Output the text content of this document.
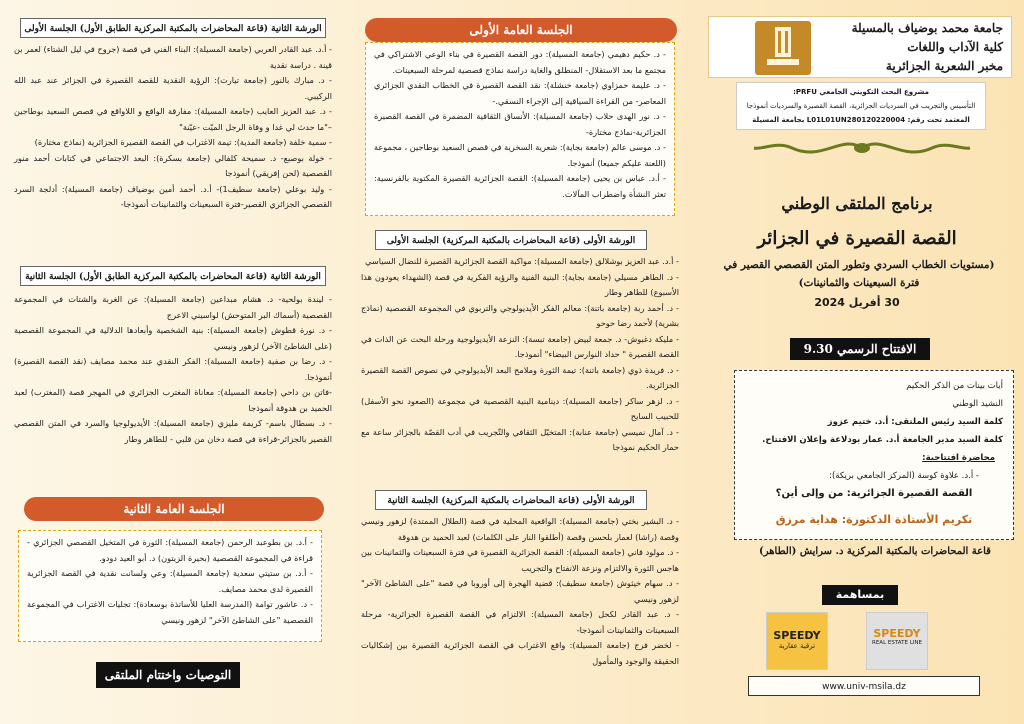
الورشة الثانية (قاعة المحاضرات بالمكتبة المركزية الطابق الأول) الجلسة الأولى

- أ.د. عبد القادر العربي (جامعة المسيلة): البناء الفني في قصة (جروح في ليل الشتاء) لعمر بن قينة . دراسة نقدية

- د. مبارك بالنور (جامعة تيارت): الرؤية النقدية للقصة القصيرة في الجزائر عند عبد الله الركيبي.

- د. عبد العزيز العايب (جامعة المسيلة): مفارقة الواقع و اللاواقع في قصص السعيد بوطاجين –"ما حدث لي غدا و وفاة الرجل الميّت -عيّنة"

- سمية خلفة (جامعة المدية): تيمة الاغتراب في القصة القصيرة الجزائرية (نماذج مختارة)

- خولة بوصبع- د. سميحة كلفالي (جامعة بسكرة): البعد الاجتماعي في كتابات أحمد منور القصصية (لحن إفريقي) أنموذجا

- وليد بوعلي (جامعة سطيف1)- أ.د. أحمد أمين بوضياف (جامعة المسيلة): أدلجة السرد القصصي الجزائري القصير-فترة السبعينات والثمانينات أنموذجا-

الورشة الثانية (قاعة المحاضرات بالمكتبة المركزية الطابق الأول) الجلسة الثانية

- ليندة بولحية- د. هشام مبداعين (جامعة المسيلة): عن الغربة والشتات في المجموعة القصصية (أسماك البر المتوحش) لواسيني الاعرج

- د. نورة قطوش (جامعة المسيلة): بنية الشخصية وأبعادها الدلالية في المجموعة القصصية (على الشاطئ الآخر) لزهور ونيسي

- د. رضا بن صفية (جامعة المسيلة): الفكر النقدي عند محمد مصايف (نقد القصة القصيرة) أنموذجا.

-فاتن بن داحي (جامعة المسيلة): معاناة المغترب الجزائري في المهجر قصة (المغترب) لعبد الحميد بن هدوقة أنموذجا

- د. بسطال باسم- كريمة مليزي (جامعة المسيلة): الأيديولوجيا والسرد في المتن القصصي القصير بالجزائر-قراءة في قصة دخان من قلبي - للطاهر وطار

الجلسة العامة الثانية

- أ.د. بن بطوعبد الرحمن (جامعة المسيلة): الثورة في المتخيل القصصي الجزائري - قراءة في المجموعة القصصية (بحيرة الزيتون) د. أبو العيد دودو.

- أ.د. بن ستيتي سعدية (جامعة المسيلة): وعي ولسانت نقدية في القصة الجزائرية القصيرة لدى محمد مصايف.

- د. عاشور توامة (المدرسة العليا للأساتذة بوسعادة): تجليات الاغتراب في المجموعة القصصية "على الشاطئ الآخر" لزهور ونيسي

التوصيات واختتام الملتقى
الجلسة العامة الأولى

- د. حكيم دهيمي (جامعة المسيلة): دور القصة القصيرة في بناء الوعي الاشتراكي في مجتمع ما بعد الاستقلال- المنطلق والغاية دراسة نماذج قصصية لمرحلة السبعينات.

- د. عليمة حمزاوي (جامعة خنشلة): نقد القصة القصيرة في الخطاب النقدي الجزائري المعاصر- من القراءة السياقية إلى الإجراء النسقي.-

- د. نور الهدى حلاب (جامعة المسيلة): الأنساق الثقافية المضمرة في القصة القصيرة الجزائرية-نماذج مختارة-

- د. موسى عالم (جامعة بجاية): شعرية السخرية في قصص السعيد بوطاجين ، مجموعة (اللعنة عليكم جميعا) أنموذجا.

- أ.د. عباس بن يحيى (جامعة المسيلة): القصة الجزائرية القصيرة المكتوبة بالفرنسية: تعثر النشأة واضطراب المآلات.

الورشة الأولى (قاعة المحاضرات بالمكتبة المركزية) الجلسة الأولى

- أ.د. عبد العزيز بوشلالق (جامعة المسيلة): مواكبة القصة الجزائرية القصيرة للنضال السياسي

- د. الطاهر مسيلي (جامعة بجاية): البنية الفنية والرؤية الفكرية في قصة (الشهداء يعودون هذا الأسبوع) للطاهر وطار

- د. أحمد ربة (جامعة باتنة): معالم الفكر الأيديولوجي والتربوي في المجموعة القصصية (نماذج بشرية) لأحمد رضا حوحو

- مليكة دغبوش- د. جمعة لبيض (جامعة تبسة): النزعة الأيديولوجية ورحلة البحث عن الذات في القصة القصيرة " حداد النوارس البيضاء" أنموذجا.

- د. فريدة ذوي (جامعة باتنة): تيمة الثورة وملامح البعد الأيديولوجي في نصوص القصة القصيرة الجزائرية.

- د. لزهر ساكر (جامعة المسيلة): دينامية البنية القصصية في مجموعة (الصعود نحو الأسفل) للحبيب السايح

- د. آمال نميسي (جامعة عنابة): المتخيّل الثقافي والتّجريب في أدب القصّة بالجزائر ساعة مع حمار الحكيم نموذجا

الورشة الأولى (قاعة المحاضرات بالمكتبة المركزية) الجلسة الثانية

- د. البشير بختي (جامعة المسيلة): الواقعية المحلية في قصة (الطلال الممتدة) لزهور ونيسي وقصة (راشا) لعمار بلحسن وقصة (أطلقوا النار على الكلمات) لعبد الحميد بن هدوقة

- د. مولود قاني (جامعة المسيلة): القصة الجزائرية القصيرة في فترة السبعينات والثمانينات بين هاجس الثورة والالتزام ونزعة الانفتاح والتجريب

- د. سهام خيثوش (جامعة سطيف): قضية الهجرة إلى أوروبا في قصة "على الشاطئ الآخر" لزهور ونيسي

- د. عبد القادر لكحل (جامعة المسيلة): الالتزام في القصة القصيرة الجزائرية- مرحلة السبعينات والثمانينات أنموذجا-

- لخضر فرج (جامعة المسيلة): واقع الاغتراب في القصة الجزائرية القصيرة بين إشكاليات الحقيقة والوجود والمأمول

جامعة محمد بوضياف بالمسيلة
كلية الآداب واللغات
مخبر الشعرية الجزائرية
مشروع البحث التكويني الجامعي PRFU:
التأسيس والتجريب في السرديات الجزائرية، القصة القصيرة والسرديات أنموذجا
المعتمد تحت رقم: L01L01UN280120220004 بجامعة المسيلة
برنامج الملتقى الوطني
القصة القصيرة في الجزائر
(مستويات الخطاب السردي وتطور المتن القصصي القصير في فترة السبعينات والثمانينات)
30 أفريل 2024
الافتتاح الرسمي 9.30
أيات بينات من الذكر الحكيم
النشيد الوطني
كلمة السيد رئيس الملتقى: أ.د. ختيم عزوز
كلمة السيد مدير الجامعة أ.د. عمار بودلاعة وإعلان الافتتاح.
محاضرة افتتاحية:
- أ.د. علاوة كوسة (المركز الجامعي بريكة):
القصة القصيرة الجزائرية: من وإلى أين؟
تكريم الأستاذة الدكتورة: هداية مرزق
قاعة المحاضرات بالمكتبة المركزية د. سرايش (الطاهر)
بمساهمة
SPEEDY
ترقية عقارية
SPEEDY
REAL ESTATE LINE
www.univ-msila.dz
